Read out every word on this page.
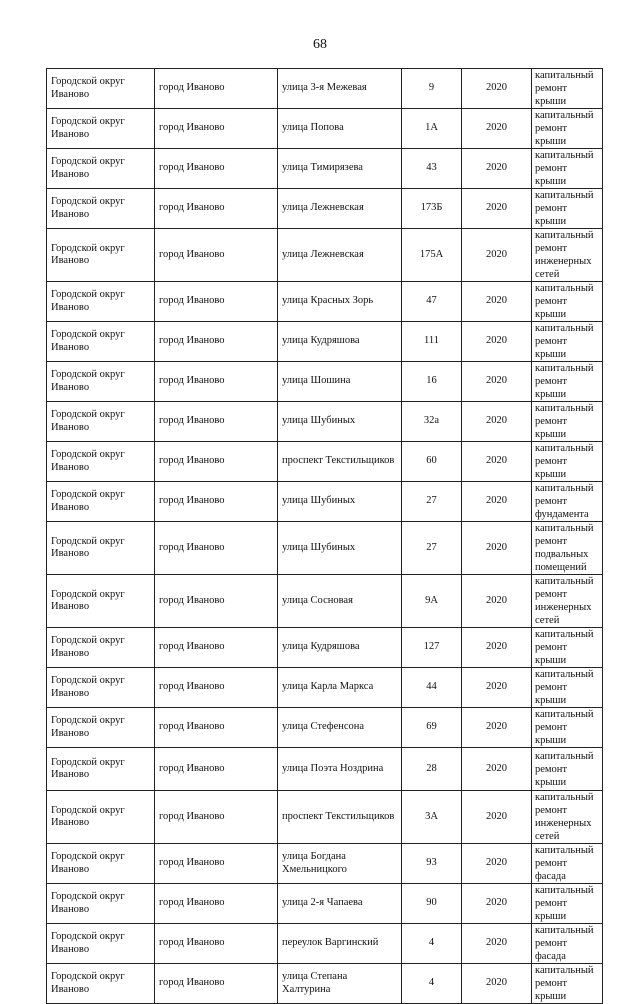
68
Городской округ Иваново	город Иваново	улица 3-я Межевая	9	2020	капитальный ремонт крыши
Городской округ Иваново	город Иваново	улица Попова	1А	2020	капитальный ремонт крыши
Городской округ Иваново	город Иваново	улица Тимирязева	43	2020	капитальный ремонт крыши
Городской округ Иваново	город Иваново	улица Лежневская	173Б	2020	капитальный ремонт крыши
Городской округ Иваново	город Иваново	улица Лежневская	175А	2020	капитальный ремонт инженерных сетей
Городской округ Иваново	город Иваново	улица Красных Зорь	47	2020	капитальный ремонт крыши
Городской округ Иваново	город Иваново	улица Кудряшова	111	2020	капитальный ремонт крыши
Городской округ Иваново	город Иваново	улица Шошина	16	2020	капитальный ремонт крыши
Городской округ Иваново	город Иваново	улица Шубиных	32а	2020	капитальный ремонт крыши
Городской округ Иваново	город Иваново	проспект Текстильщиков	60	2020	капитальный ремонт крыши
Городской округ Иваново	город Иваново	улица Шубиных	27	2020	капитальный ремонт фундамента
Городской округ Иваново	город Иваново	улица Шубиных	27	2020	капитальный ремонт подвальных помещений
Городской округ Иваново	город Иваново	улица Сосновая	9А	2020	капитальный ремонт инженерных сетей
Городской округ Иваново	город Иваново	улица Кудряшова	127	2020	капитальный ремонт крыши
Городской округ Иваново	город Иваново	улица Карла Маркса	44	2020	капитальный ремонт крыши
Городской округ Иваново	город Иваново	улица Стефенсона	69	2020	капитальный ремонт крыши
Городской округ Иваново	город Иваново	улица Поэта Ноздрина	28	2020	капитальный ремонт крыши
Городской округ Иваново	город Иваново	проспект Текстильщиков	3А	2020	капитальный ремонт инженерных сетей
Городской округ Иваново	город Иваново	улица Богдана Хмельницкого	93	2020	капитальный ремонт фасада
Городской округ Иваново	город Иваново	улица 2-я Чапаева	90	2020	капитальный ремонт крыши
Городской округ Иваново	город Иваново	переулок Варгинский	4	2020	капитальный ремонт фасада
Городской округ Иваново	город Иваново	улица Степана Халтурина	4	2020	капитальный ремонт крыши
